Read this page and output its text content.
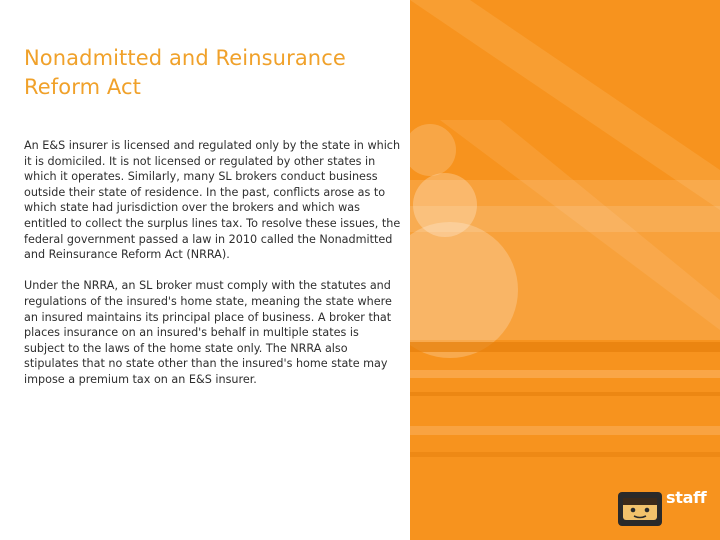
Nonadmitted and Reinsurance Reform Act

An E&S insurer is licensed and regulated only by the state in which it is domiciled. It is not licensed or regulated by other states in which it operates. Similarly, many SL brokers conduct business outside their state of residence. In the past, conflicts arose as to which state had jurisdiction over the brokers and which was entitled to collect the surplus lines tax. To resolve these issues, the federal government passed a law in 2010 called the Nonadmitted and Reinsurance Reform Act (NRRA).

Under the NRRA, an SL broker must comply with the statutes and regulations of the insured's home state, meaning the state where an insured maintains its principal place of business. A broker that places insurance on an insured's behalf in multiple states is subject to the laws of the home state only. The NRRA also stipulates that no state other than the insured's home state may impose a premium tax on an E&S insurer.

staff
